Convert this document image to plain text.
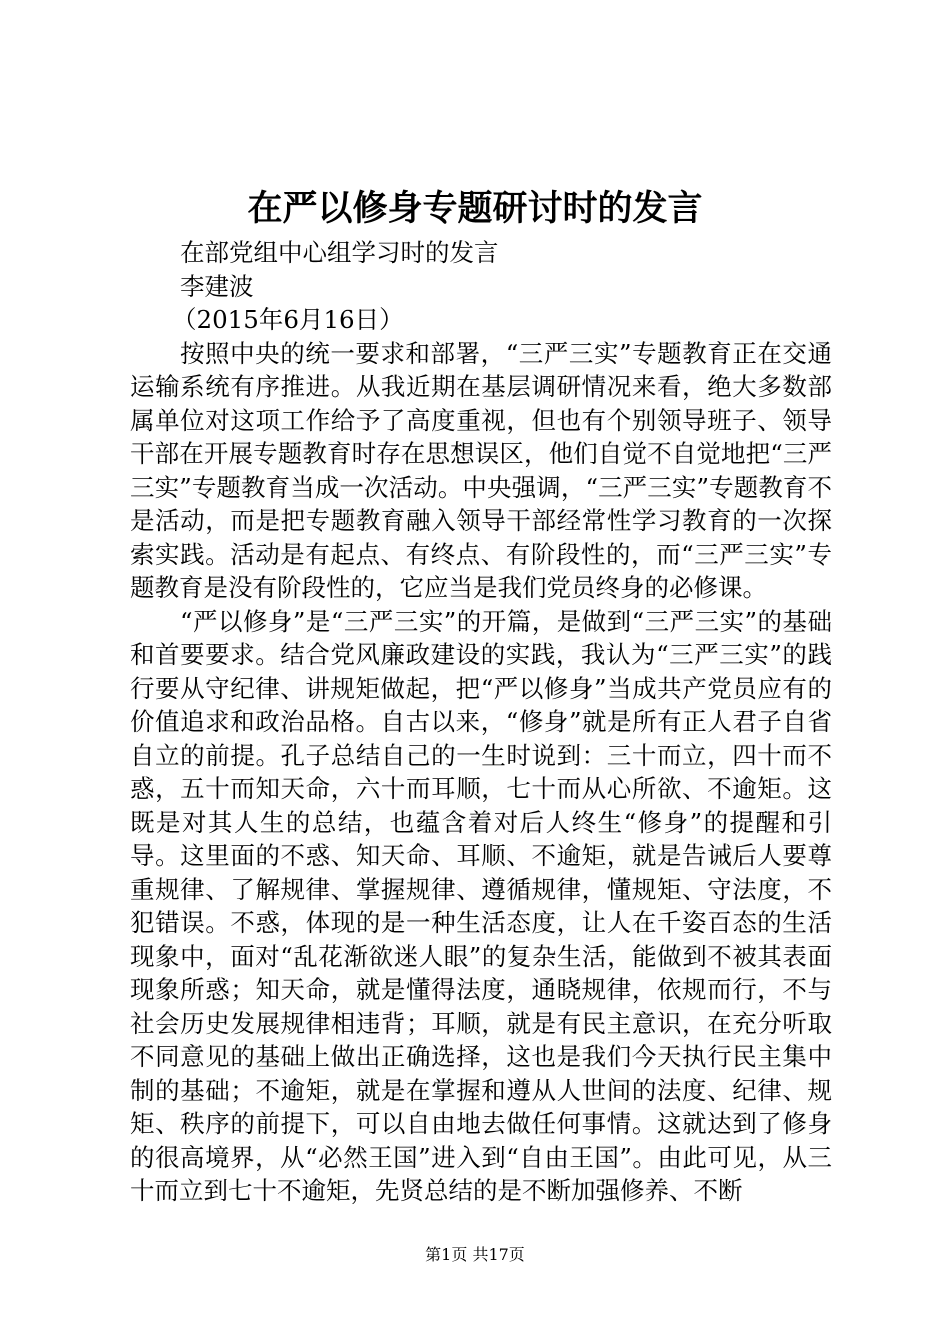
在严以修身专题研讨时的发言

在部党组中心组学习时的发言

李建波

（2015年6月16日）

按照中央的统一要求和部署，“三严三实”专题教育正在交通运输系统有序推进。从我近期在基层调研情况来看，绝大多数部属单位对这项工作给予了高度重视，但也有个别领导班子、领导干部在开展专题教育时存在思想误区，他们自觉不自觉地把“三严三实”专题教育当成一次活动。中央强调，“三严三实”专题教育不是活动，而是把专题教育融入领导干部经常性学习教育的一次探索实践。活动是有起点、有终点、有阶段性的，而“三严三实”专题教育是没有阶段性的，它应当是我们党员终身的必修课。

“严以修身”是“三严三实”的开篇，是做到“三严三实”的基础和首要要求。结合党风廉政建设的实践，我认为“三严三实”的践行要从守纪律、讲规矩做起，把“严以修身”当成共产党员应有的价值追求和政治品格。自古以来，“修身”就是所有正人君子自省自立的前提。孔子总结自己的一生时说到：三十而立，四十而不惑，五十而知天命，六十而耳顺，七十而从心所欲、不逾矩。这既是对其人生的总结，也蕴含着对后人终生“修身”的提醒和引导。这里面的不惑、知天命、耳顺、不逾矩，就是告诫后人要尊重规律、了解规律、掌握规律、遵循规律，懂规矩、守法度，不犯错误。不惑，体现的是一种生活态度，让人在千姿百态的生活现象中，面对“乱花渐欲迷人眼”的复杂生活，能做到不被其表面现象所惑；知天命，就是懂得法度，通晓规律，依规而行，不与社会历史发展规律相违背；耳顺，就是有民主意识，在充分听取不同意见的基础上做出正确选择，这也是我们今天执行民主集中制的基础；不逾矩，就是在掌握和遵从人世间的法度、纪律、规矩、秩序的前提下，可以自由地去做任何事情。这就达到了修身的很高境界，从“必然王国”进入到“自由王国”。由此可见，从三十而立到七十不逾矩，先贤总结的是不断加强修养、不断

第1页 共17页
